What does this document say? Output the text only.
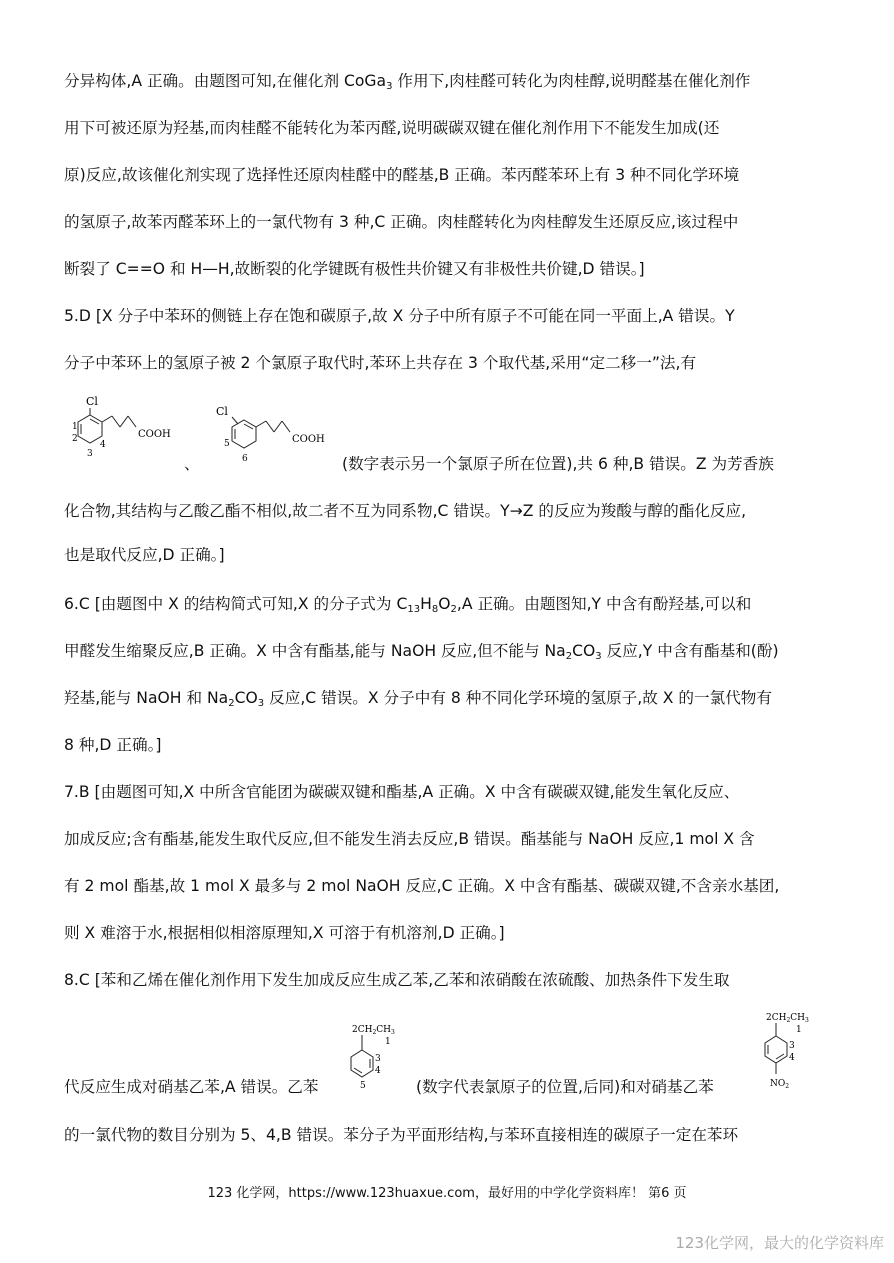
分异构体,A 正确。由题图可知,在催化剂 CoGa$_3$ 作用下,肉桂醛可转化为肉桂醇,说明醛基在催化剂作
用下可被还原为羟基,而肉桂醛不能转化为苯丙醛,说明碳碳双键在催化剂作用下不能发生加成(还
原)反应,故该催化剂实现了选择性还原肉桂醛中的醛基,B 正确。苯丙醛苯环上有 3 种不同化学环境
的氢原子,故苯丙醛苯环上的一氯代物有 3 种,C 正确。肉桂醛转化为肉桂醇发生还原反应,该过程中
断裂了 C==O 和 H—H,故断裂的化学键既有极性共价键又有非极性共价键,D 错误。]
5.D [X 分子中苯环的侧链上存在饱和碳原子,故 X 分子中所有原子不可能在同一平面上,A 错误。Y
分子中苯环上的氢原子被 2 个氯原子取代时,苯环上共存在 3 个取代基,采用“定二移一”法,有
Cl
COOH
1
2
3
4
、
Cl
COOH
5
6	(数字表示另一个氯原子所在位置),共 6 种,B 错误。Z 为芳香族
化合物,其结构与乙酸乙酯不相似,故二者不互为同系物,C 错误。Y→Z 的反应为羧酸与醇的酯化反应,
也是取代反应,D 正确。]
6.C [由题图中 X 的结构简式可知,X 的分子式为 $C_{13}H_8O_2,A$ 正确。由题图知,Y 中含有酚羟基,可以和
甲醛发生缩聚反应,B 正确。X 中含有酯基,能与 NaOH 反应,但不能与 $Na_2CO_3$ 反应,Y 中含有酯基和(酚)
羟基,能与 NaOH 和 $Na_2CO_3$ 反应,C 错误。X 分子中有 8 种不同化学环境的氢原子,故 X 的一氯代物有
8 种,D 正确。]
7.B [由题图可知,X 中所含官能团为碳碳双键和酯基,A 正确。X 中含有碳碳双键,能发生氧化反应、
加成反应;含有酯基,能发生取代反应,但不能发生消去反应,B 错误。酯基能与 NaOH 反应,1 mol X 含
有 2 mol 酯基,故 1 mol X 最多与 2 mol NaOH 反应,C 正确。X 中含有酯基、碳碳双键,不含亲水基团,
则 X 难溶于水,根据相似相溶原理知,X 可溶于有机溶剂,D 正确。]
8.C [苯和乙烯在催化剂作用下发生加成反应生成乙苯,乙苯和浓硝酸在浓硫酸、加热条件下发生取
$2CH_2CH_3$
1
3
4
5
$2CH_2CH_3$
1
3
4
$NO_2$
代反应生成对硝基乙苯,A 错误。乙苯	(数字代表氯原子的位置,后同)和对硝基乙苯
的一氯代物的数目分别为 5、4,B 错误。苯分子为平面形结构,与苯环直接相连的碳原子一定在苯环
123 化学网，https://www.123huaxue.com，最好用的中学化学资料库！ 第6 页
123化学网，最大的化学资料库
